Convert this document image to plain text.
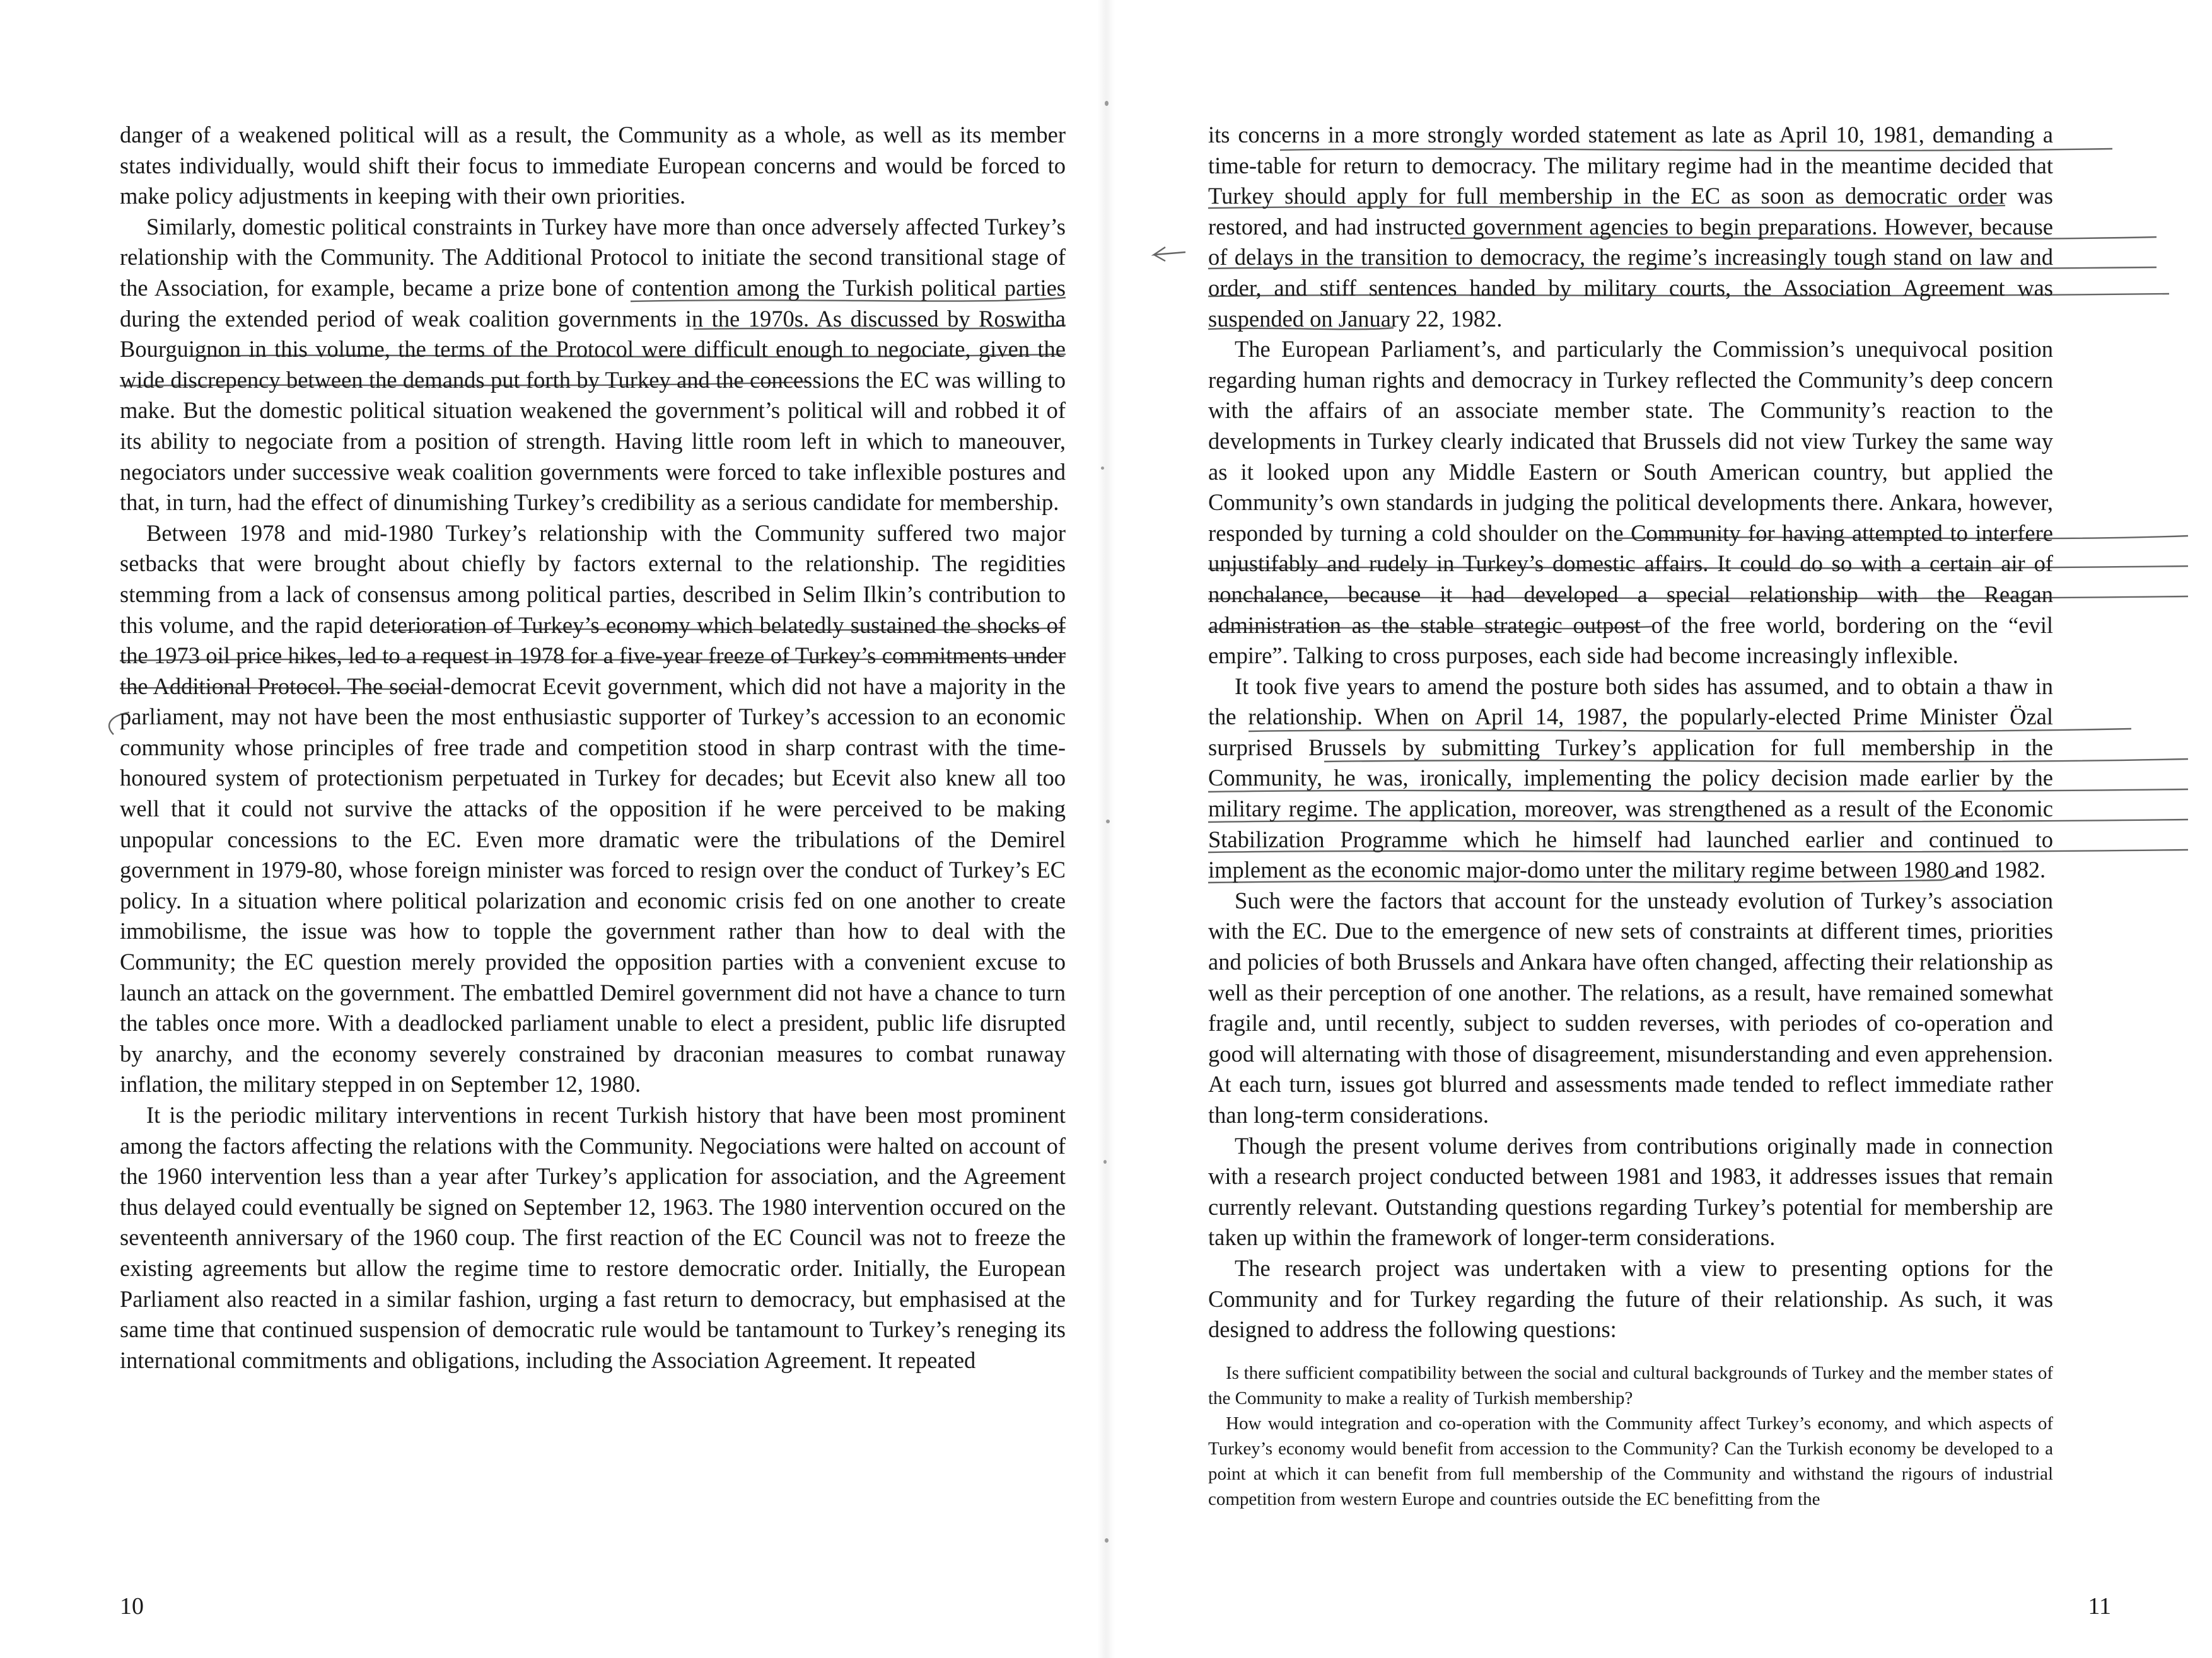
danger of a weakened political will as a result, the Community as a whole, as well as its member states individually, would shift their focus to immediate European concerns and would be forced to make policy adjustments in keeping with their own priorities.

Similarly, domestic political constraints in Turkey have more than once adversely affected Turkey’s relationship with the Community. The Additional Protocol to initiate the second transitional stage of the Association, for example, became a prize bone of contention among the Turkish political parties during the extended period of weak coalition governments in the 1970s. As discussed by Roswitha Bourguignon in this volume, the terms of the Protocol were difficult enough to negociate, given the wide discrepency between the demands put forth by Turkey and the concessions the EC was willing to make. But the domestic political situation weakened the government’s political will and robbed it of its ability to negociate from a position of strength. Having little room left in which to maneouver, negociators under successive weak coalition governments were forced to take inflexible postures and that, in turn, had the effect of dinumishing Turkey’s credibility as a serious candidate for membership.

Between 1978 and mid-1980 Turkey’s relationship with the Community suffered two major setbacks that were brought about chiefly by factors external to the relationship. The regidities stemming from a lack of consensus among political parties, described in Selim Ilkin’s contribution to this volume, and the rapid deterioration of Turkey’s economy which belatedly sustained the shocks of the 1973 oil price hikes, led to a request in 1978 for a five-year freeze of Turkey’s commitments under the Additional Protocol. The social-democrat Ecevit government, which did not have a majority in the parliament, may not have been the most enthusiastic supporter of Turkey’s accession to an economic community whose principles of free trade and competition stood in sharp contrast with the time-honoured system of protectionism perpetuated in Turkey for decades; but Ecevit also knew all too well that it could not survive the attacks of the opposition if he were perceived to be making unpopular concessions to the EC. Even more dramatic were the tribulations of the Demirel government in 1979-80, whose foreign minister was forced to resign over the conduct of Turkey’s EC policy. In a situation where political polarization and economic crisis fed on one another to create immobilisme, the issue was how to topple the government rather than how to deal with the Community; the EC question merely provided the opposition parties with a convenient excuse to launch an attack on the government. The embattled Demirel government did not have a chance to turn the tables once more. With a deadlocked parliament unable to elect a president, public life disrupted by anarchy, and the economy severely constrained by draconian measures to combat runaway inflation, the military stepped in on September 12, 1980.

It is the periodic military interventions in recent Turkish history that have been most prominent among the factors affecting the relations with the Community. Negociations were halted on account of the 1960 intervention less than a year after Turkey’s application for association, and the Agreement thus delayed could eventually be signed on September 12, 1963. The 1980 intervention occured on the seventeenth anniversary of the 1960 coup. The first reaction of the EC Council was not to freeze the existing agreements but allow the regime time to restore democratic order. Initially, the European Parliament also reacted in a similar fashion, urging a fast return to democracy, but emphasised at the same time that continued suspension of democratic rule would be tantamount to Turkey’s reneging its international commitments and obligations, including the Association Agreement. It repeated

10

its concerns in a more strongly worded statement as late as April 10, 1981, demanding a time-table for return to democracy. The military regime had in the meantime decided that Turkey should apply for full membership in the EC as soon as democratic order was restored, and had instructed government agencies to begin preparations. However, because of delays in the transition to democracy, the regime’s increasingly tough stand on law and order, and stiff sentences handed by military courts, the Association Agreement was suspended on January 22, 1982.

The European Parliament’s, and particularly the Commission’s unequivocal position regarding human rights and democracy in Turkey reflected the Community’s deep concern with the affairs of an associate member state. The Community’s reaction to the developments in Turkey clearly indicated that Brussels did not view Turkey the same way as it looked upon any Middle Eastern or South American country, but applied the Community’s own standards in judging the political developments there. Ankara, however, responded by turning a cold shoulder on the Community for having attempted to interfere unjustifably and rudely in Turkey’s domestic affairs. It could do so with a certain air of nonchalance, because it had developed a special relationship with the Reagan administration as the stable strategic outpost of the free world, bordering on the “evil empire”. Talking to cross purposes, each side had become increasingly inflexible.

It took five years to amend the posture both sides has assumed, and to obtain a thaw in the relationship. When on April 14, 1987, the popularly-elected Prime Minister Özal surprised Brussels by submitting Turkey’s application for full membership in the Community, he was, ironically, implementing the policy decision made earlier by the military regime. The application, moreover, was strengthened as a result of the Economic Stabilization Programme which he himself had launched earlier and continued to implement as the economic major-domo unter the military regime between 1980 and 1982.

Such were the factors that account for the unsteady evolution of Turkey’s association with the EC. Due to the emergence of new sets of constraints at different times, priorities and policies of both Brussels and Ankara have often changed, affecting their relationship as well as their perception of one another. The relations, as a result, have remained somewhat fragile and, until recently, subject to sudden reverses, with periodes of co-operation and good will alternating with those of disagreement, misunderstanding and even apprehension. At each turn, issues got blurred and assessments made tended to reflect immediate rather than long-term considerations.

Though the present volume derives from contributions originally made in connection with a research project conducted between 1981 and 1983, it addresses issues that remain currently relevant. Outstanding questions regarding Turkey’s potential for membership are taken up within the framework of longer-term considerations.

The research project was undertaken with a view to presenting options for the Community and for Turkey regarding the future of their relationship. As such, it was designed to address the following questions:

Is there sufficient compatibility between the social and cultural backgrounds of Turkey and the member states of the Community to make a reality of Turkish membership?

How would integration and co-operation with the Community affect Turkey’s economy, and which aspects of Turkey’s economy would benefit from accession to the Community? Can the Turkish economy be developed to a point at which it can benefit from full membership of the Community and withstand the rigours of industrial competition from western Europe and countries outside the EC benefitting from the

11
